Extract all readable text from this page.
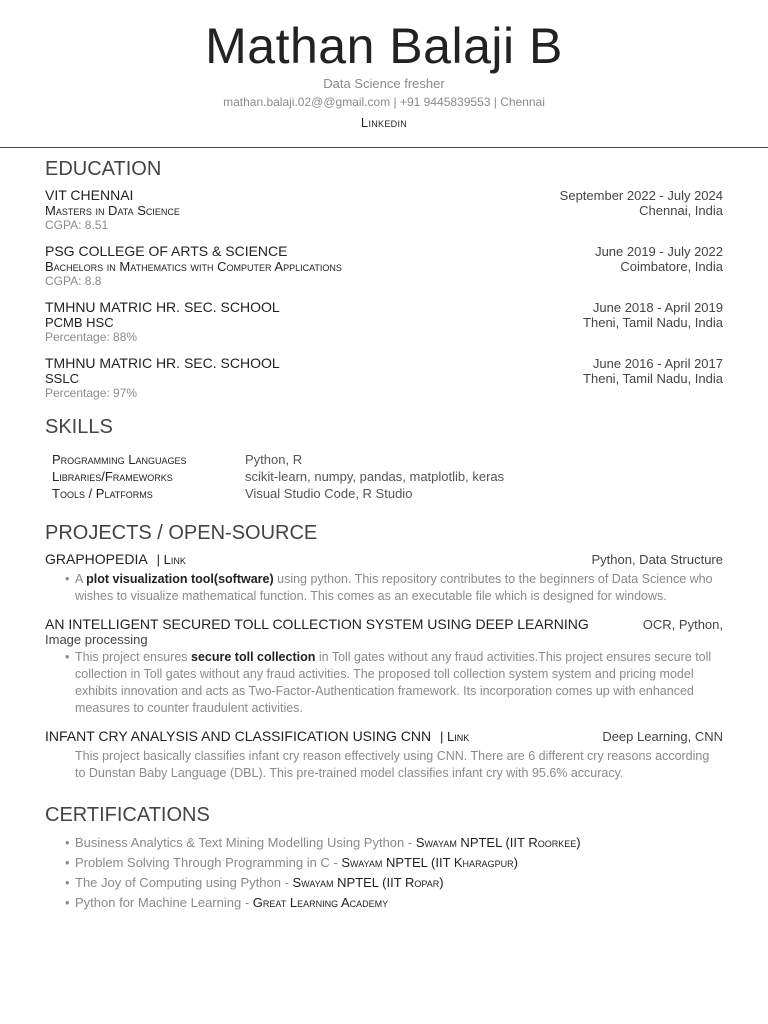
Mathan Balaji B
Data Science fresher
mathan.balaji.02@@gmail.com | +91 9445839553 | Chennai
Linkedin
EDUCATION
VIT CHENNAI	September 2022 - July 2024
Masters in Data Science	Chennai, India
CGPA: 8.51
PSG COLLEGE OF ARTS & SCIENCE	June 2019 - July 2022
Bachelors in Mathematics with Computer Applications	Coimbatore, India
CGPA: 8.8
TMHNU MATRIC HR. SEC. SCHOOL	June 2018 - April 2019
PCMB HSC	Theni, Tamil Nadu, India
Percentage: 88%
TMHNU MATRIC HR. SEC. SCHOOL	June 2016 - April 2017
SSLC	Theni, Tamil Nadu, India
Percentage: 97%
SKILLS
Programming Languages	Python, R
Libraries/Frameworks	scikit-learn, numpy, pandas, matplotlib, keras
Tools / Platforms	Visual Studio Code, R Studio
PROJECTS / OPEN-SOURCE
GRAPHOPEDIA | Link	Python, Data Structure
• A plot visualization tool(software) using python. This repository contributes to the beginners of Data Science who wishes to visualize mathematical function. This comes as an executable file which is designed for windows.
AN INTELLIGENT SECURED TOLL COLLECTION SYSTEM USING DEEP LEARNING	OCR, Python,
Image processing
• This project ensures secure toll collection in Toll gates without any fraud activities.This project ensures secure toll collection in Toll gates without any fraud activities. The proposed toll collection system system and pricing model exhibits innovation and acts as Two-Factor-Authentication framework. Its incorporation comes up with enhanced measures to counter fraudulent activities.
INFANT CRY ANALYSIS AND CLASSIFICATION USING CNN | Link	Deep Learning, CNN
This project basically classifies infant cry reason effectively using CNN. There are 6 different cry reasons according to Dunstan Baby Language (DBL). This pre-trained model classifies infant cry with 95.6% accuracy.
CERTIFICATIONS
• Business Analytics & Text Mining Modelling Using Python - Swayam NPTEL (IIT Roorkee)
• Problem Solving Through Programming in C - Swayam NPTEL (IIT Kharagpur)
• The Joy of Computing using Python - Swayam NPTEL (IIT Ropar)
• Python for Machine Learning - Great Learning Academy
